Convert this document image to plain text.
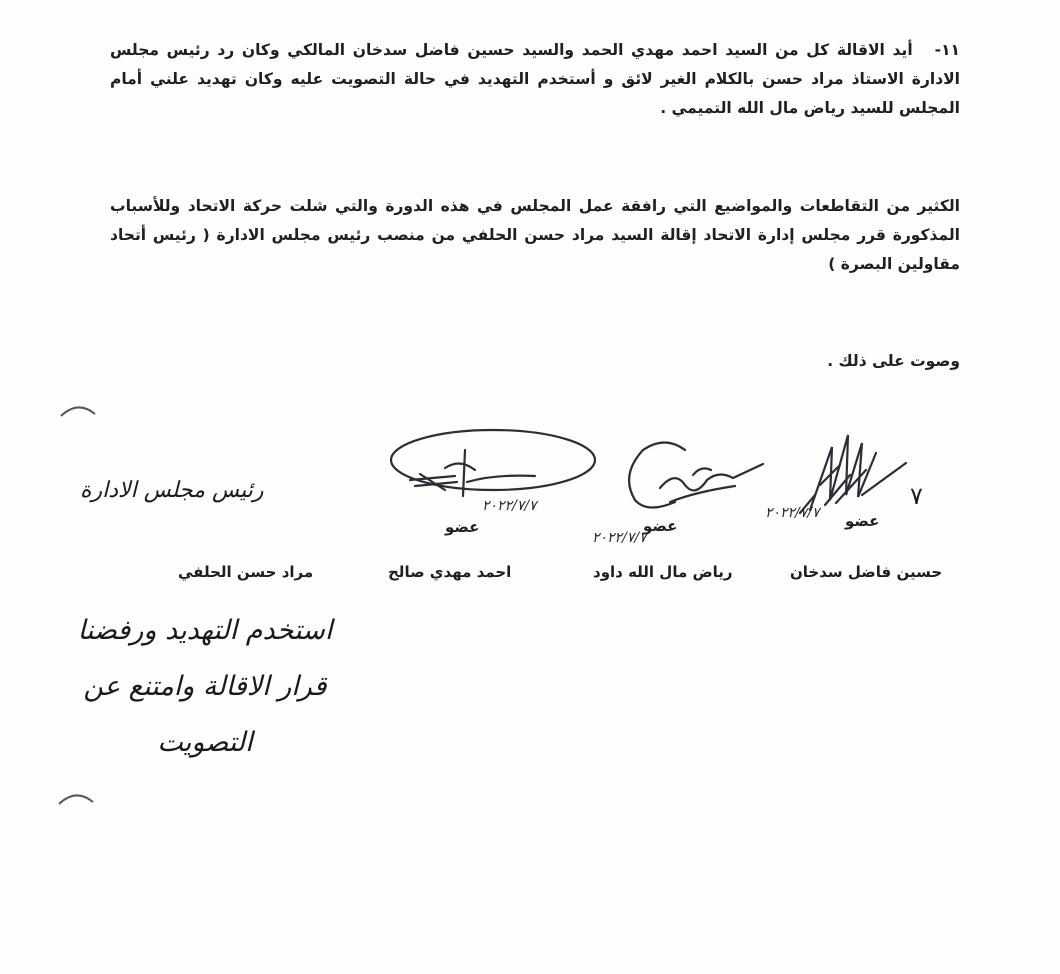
١١-أيد الاقالة كل من السيد احمد مهدي الحمد والسيد حسين فاضل سدخان المالكي وكان رد رئيس مجلس الادارة الاستاذ مراد حسن بالكلام الغير لائق و أستخدم التهديد في حالة التصويت عليه وكان تهديد علني أمام المجلس للسيد رياض مال الله التميمي .
الكثير من التقاطعات والمواضيع التي رافقة عمل المجلس في هذه الدورة والتي شلت حركة الاتحاد وللأسباب المذكورة قرر مجلس إدارة الاتحاد إقالة السيد مراد حسن الحلفي من منصب رئيس مجلس الادارة ( رئيس أتحاد مقاولين البصرة )
وصوت على ذلك .
٢٠٢٢/٧/٧ عضو
٧
عضو
٢٠٢٢/٧/٧
٢٠٢٢/٧/٧
عضو
رئيس مجلس الادارة
حسين فاضل سدخان
رياض مال الله داود
احمد مهدي صالح
مراد حسن الحلفي
استخدم التهديد ورفضنا
قرار الاقالة وامتنع عن
التصويت
